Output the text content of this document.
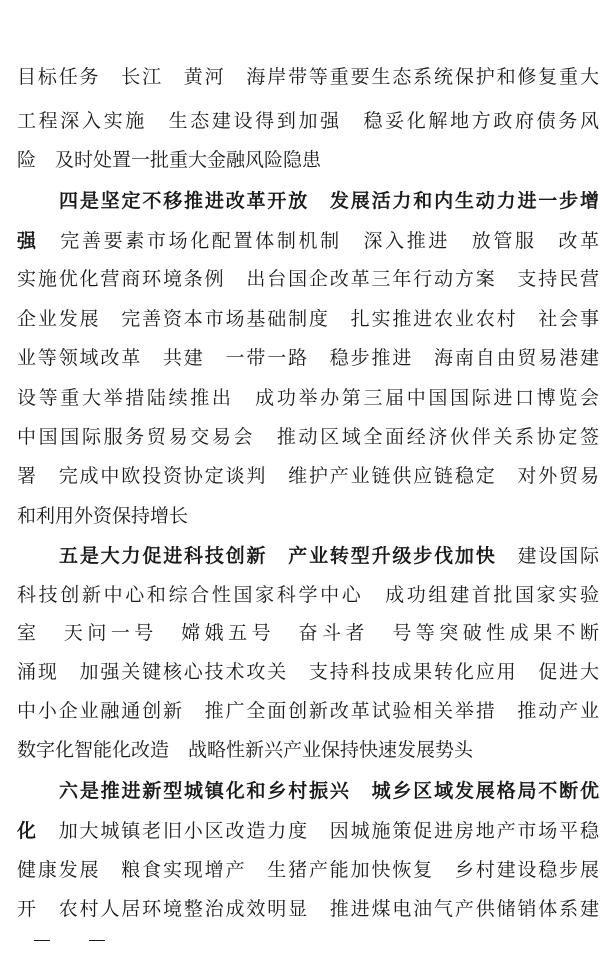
目标任务　长江　黄河　海岸带等重要生态系统保护和修复重大
工程深入实施　生态建设得到加强　稳妥化解地方政府债务风
险　及时处置一批重大金融风险隐患
四是坚定不移推进改革开放　发展活力和内生动力进一步增
强　完善要素市场化配置体制机制　深入推进　放管服　改革
实施优化营商环境条例　出台国企改革三年行动方案　支持民营
企业发展　完善资本市场基础制度　扎实推进农业农村　社会事
业等领域改革　共建　一带一路　稳步推进　海南自由贸易港建
设等重大举措陆续推出　成功举办第三届中国国际进口博览会
中国国际服务贸易交易会　推动区域全面经济伙伴关系协定签
署　完成中欧投资协定谈判　维护产业链供应链稳定　对外贸易
和利用外资保持增长
五是大力促进科技创新　产业转型升级步伐加快　建设国际
科技创新中心和综合性国家科学中心　成功组建首批国家实验
室　天问一号　嫦娥五号　奋斗者　号等突破性成果不断
涌现　加强关键核心技术攻关　支持科技成果转化应用　促进大
中小企业融通创新　推广全面创新改革试验相关举措　推动产业
数字化智能化改造　战略性新兴产业保持快速发展势头
六是推进新型城镇化和乡村振兴　城乡区域发展格局不断优
化　加大城镇老旧小区改造力度　因城施策促进房地产市场平稳
健康发展　粮食实现增产　生猪产能加快恢复　乡村建设稳步展
开　农村人居环境整治成效明显　推进煤电油气产供储销体系建
